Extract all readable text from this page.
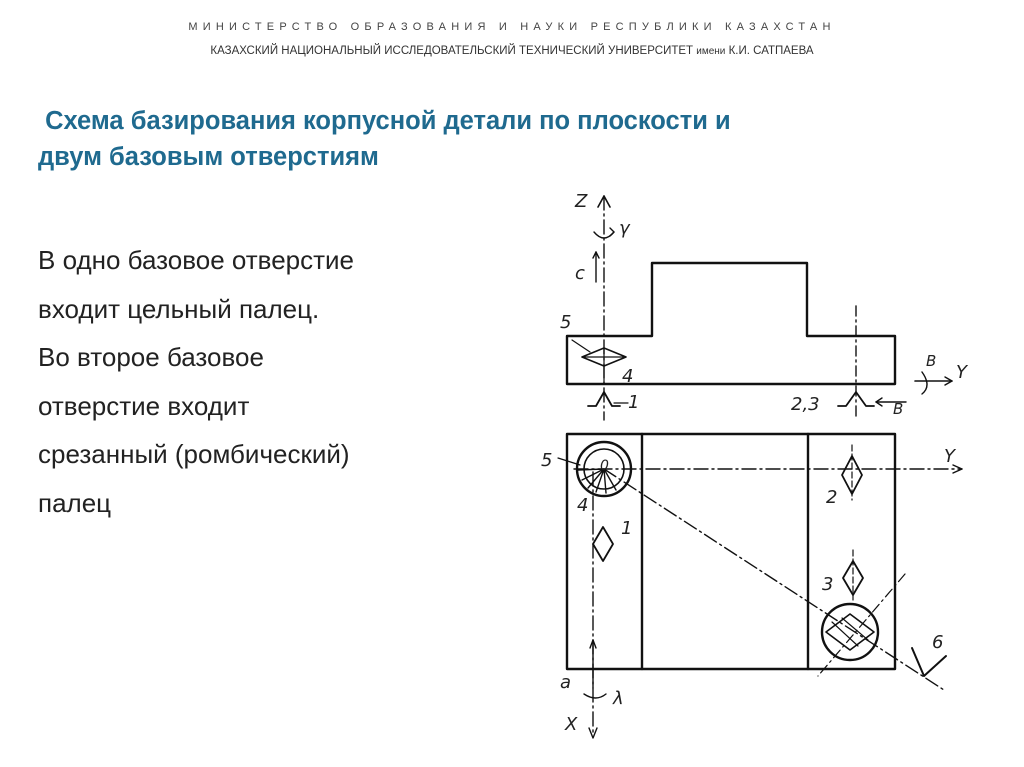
МИНИСТЕРСТВО ОБРАЗОВАНИЯ И НАУКИ РЕСПУБЛИКИ КАЗАХСТАН
КАЗАХСКИЙ НАЦИОНАЛЬНЫЙ ИССЛЕДОВАТЕЛЬСКИЙ ТЕХНИЧЕСКИЙ УНИВЕРСИТЕТ имени К.И. САТПАЕВА
Схема базирования корпусной детали по плоскости и
двум базовым отверстиям
В одно базовое отверстие
входит цельный палец.
Во второе базовое
отверстие входит
срезанный (ромбический)
палец
Z
γ
c
5
4
1
B
Y
2,3	B
5	0	Y
2
4
1
3
6
a
λ
X
